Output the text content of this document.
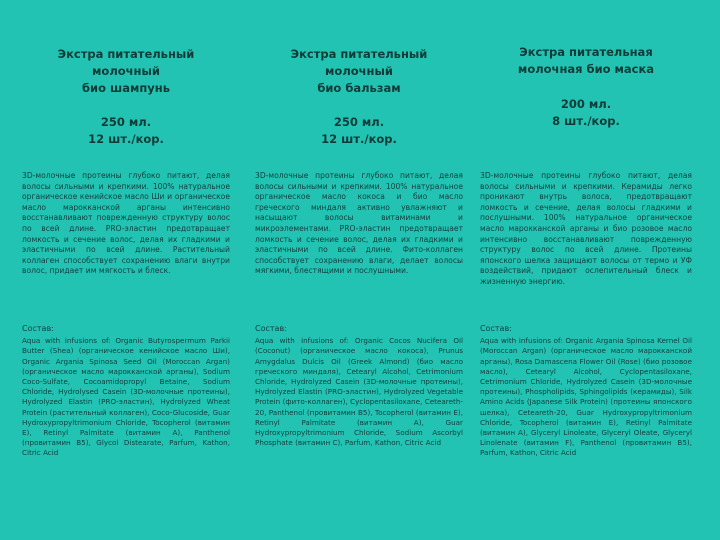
Экстра питательный
молочный
био шампунь
250 мл.
12 шт./кор.
3D-молочные протеины глубоко питают, делая волосы сильными и крепкими. 100% натуральное органическое кенийское масло Ши и органическое масло марокканской арганы интенсивно восстанавливают поврежденную структуру волос по всей длине. PRO-эластин предотвращает ломкость и сечение волос, делая их гладкими и эластичными по всей длине. Растительный коллаген способствует сохранению влаги внутри волос, придает им мягкость и блеск.
Состав:
Aqua with infusions of: Organic Butyrospermum Parkii Butter (Shea) (органическое кенийское масло Ши), Organic Argania Spinosa Seed Oil (Moroccan Argan) (органическое масло марокканской арганы), Sodium Coco-Sulfate, Cocoamidopropyl Betaine, Sodium Chloride, Hydrolysed Casein (3D-молочные протеины), Hydrolyzed Elastin (PRO-эластин), Hydrolyzed Wheat Protein (растительный коллаген), Coco-Glucoside, Guar Hydroxypropyltrimonium Chloride, Tocopherol (витамин E), Retinyl Palmitate (витамин A), Panthenol (провитамин B5), Glycol Distearate, Parfum, Kathon, Citric Acid
Экстра питательный
молочный
био бальзам
250 мл.
12 шт./кор.
3D-молочные протеины глубоко питают, делая волосы сильными и крепкими. 100% натуральное органическое масло кокоса и био масло греческого миндаля активно увлажняют и насыщают волосы витаминами и микроэлементами. PRO-эластин предотвращает ломкость и сечение волос, делая их гладкими и эластичными по всей длине. Фито-коллаген способствует сохранению влаги, делает волосы мягкими, блестящими и послушными.
Состав:
Aqua with infusions of: Organic Cocos Nucifera Oil (Coconut) (органическое масло кокоса), Prunus Amygdalus Dulcis Oil (Greek Almond) (био масло греческого миндаля), Cetearyl Alcohol, Cetrimonium Chloride, Hydrolyzed Casein (3D-молочные протеины), Hydrolyzed Elastin (PRO-эластин), Hydrolyzed Vegetable Protein (фито-коллаген), Cyclopentasiloxane, Ceteareth-20, Panthenol (провитамин B5), Tocopherol (витамин E), Retinyl Palmitate (витамин A), Guar Hydroxypropyltrimonium Chloride, Sodium Ascorbyl Phosphate (витамин C), Parfum, Kathon, Citric Acid
Экстра питательная
молочная био маска
200 мл.
8 шт./кор.
3D-молочные протеины глубоко питают, делая волосы сильными и крепкими. Керамиды легко проникают внутрь волоса, предотвращают ломкость и сечение, делая волосы гладкими и послушными. 100% натуральное органическое масло марокканской арганы и био розовое масло интенсивно восстанавливают поврежденную структуру волос по всей длине. Протеины японского шелка защищают волосы от термо и УФ воздействий, придают ослепительный блеск и жизненную энергию.
Состав:
Aqua with infusions of: Organic Argania Spinosa Kernel Oil (Moroccan Argan) (органическое масло марокканской арганы), Rosa Damascena Flower Oil (Rose) (био розовое масло), Cetearyl Alcohol, Cyclopentasiloxane, Cetrimonium Chloride, Hydrolyzed Casein (3D-молочные протеины), Phospholipids, Sphingolipids (керамиды), Silk Amino Acids (Japanese Silk Protein) (протеины японского шелка), Ceteareth-20, Guar Hydroxypropyltrimonium Chloride, Tocopherol (витамин E), Retinyl Palmitate (витамин A), Glyceryl Linoleate, Glyceryl Oleate, Glyceryl Linolenate (витамин F), Panthenol (провитамин B5), Parfum, Kathon, Citric Acid
